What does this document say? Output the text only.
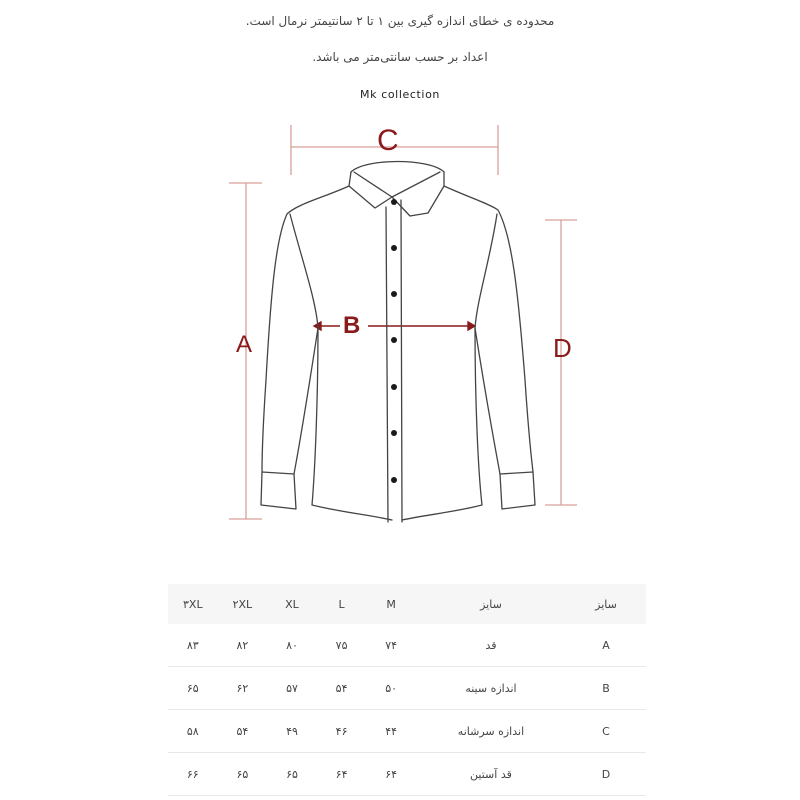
محدوده ی خطای اندازه گیری بین ۱ تا ۲ سانتیمتر نرمال است.
اعداد بر حسب سانتی‌متر می باشد.
Mk collection
A
B
C
D
۳XL	۲XL	XL	L	M	سایز	سایز
۸۳	۸۲	۸۰	۷۵	۷۴	قد	A
۶۵	۶۲	۵۷	۵۴	۵۰	اندازه سینه	B
۵۸	۵۴	۴۹	۴۶	۴۴	اندازه سرشانه	C
۶۶	۶۵	۶۵	۶۴	۶۴	قد آستین	D
